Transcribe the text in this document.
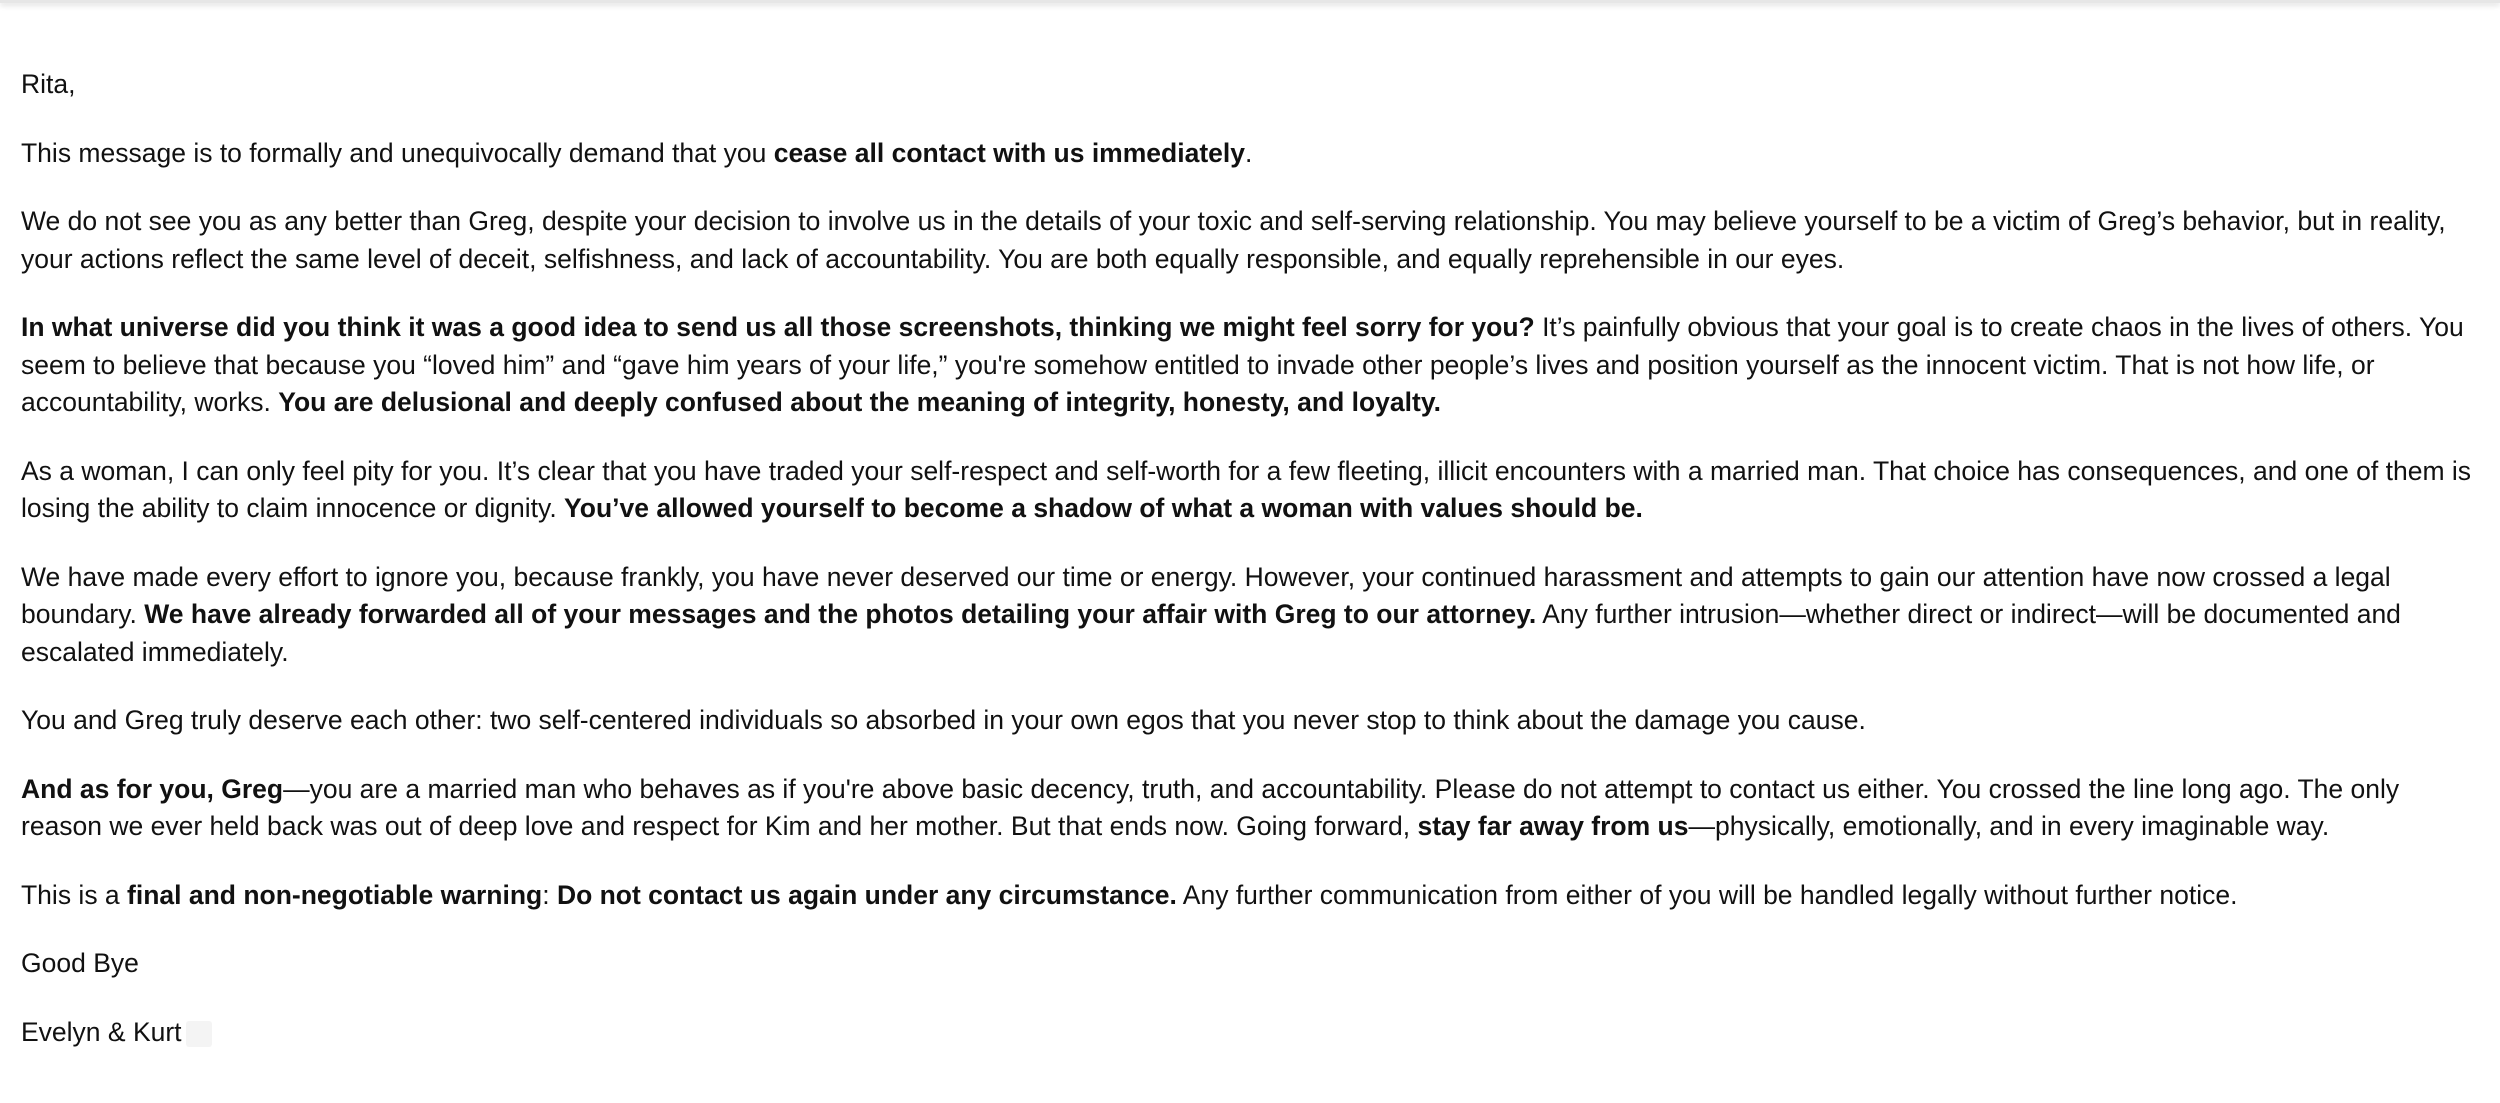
Rita,

This message is to formally and unequivocally demand that you cease all contact with us immediately.

We do not see you as any better than Greg, despite your decision to involve us in the details of your toxic and self-serving relationship. You may believe yourself to be a victim of Greg’s behavior, but in reality, your actions reflect the same level of deceit, selfishness, and lack of accountability. You are both equally responsible, and equally reprehensible in our eyes.

In what universe did you think it was a good idea to send us all those screenshots, thinking we might feel sorry for you? It’s painfully obvious that your goal is to create chaos in the lives of others. You seem to believe that because you “loved him” and “gave him years of your life,” you're somehow entitled to invade other people’s lives and position yourself as the innocent victim. That is not how life, or accountability, works. You are delusional and deeply confused about the meaning of integrity, honesty, and loyalty.

As a woman, I can only feel pity for you. It’s clear that you have traded your self-respect and self-worth for a few fleeting, illicit encounters with a married man. That choice has consequences, and one of them is losing the ability to claim innocence or dignity. You’ve allowed yourself to become a shadow of what a woman with values should be.

We have made every effort to ignore you, because frankly, you have never deserved our time or energy. However, your continued harassment and attempts to gain our attention have now crossed a legal boundary. We have already forwarded all of your messages and the photos detailing your affair with Greg to our attorney. Any further intrusion—whether direct or indirect—will be documented and escalated immediately.

You and Greg truly deserve each other: two self-centered individuals so absorbed in your own egos that you never stop to think about the damage you cause.

And as for you, Greg—you are a married man who behaves as if you're above basic decency, truth, and accountability. Please do not attempt to contact us either. You crossed the line long ago. The only reason we ever held back was out of deep love and respect for Kim and her mother. But that ends now. Going forward, stay far away from us—physically, emotionally, and in every imaginable way.

This is a final and non-negotiable warning: Do not contact us again under any circumstance. Any further communication from either of you will be handled legally without further notice.

Good Bye

Evelyn & Kurt
